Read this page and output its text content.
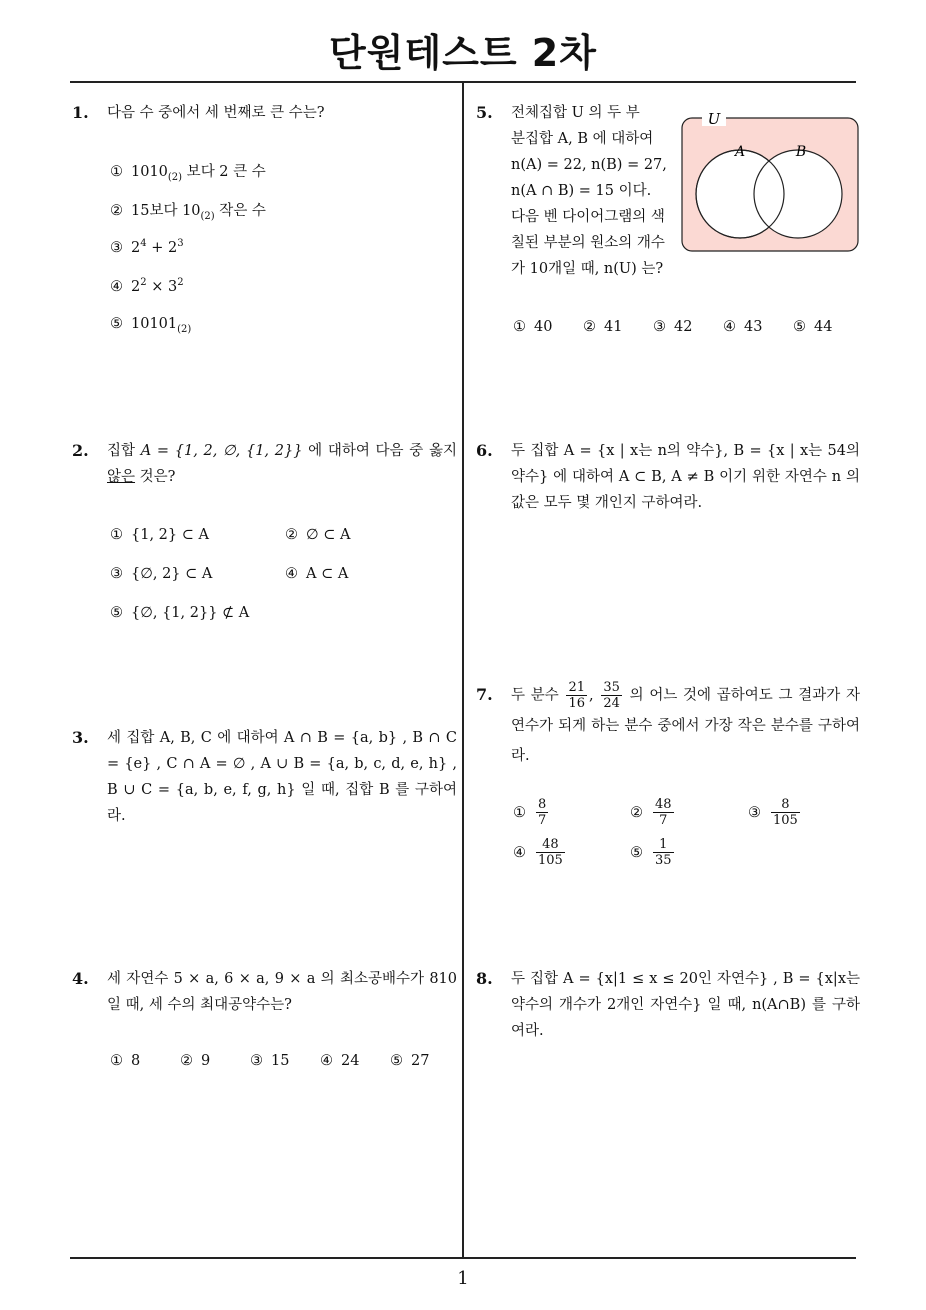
단원테스트 2차
1
1. 다음 수 중에서 세 번째로 큰 수는?
① $1010_{(2)}$ 보다 2 큰 수
② 15보다 $10_{(2)}$ 작은 수
③ $2^4 + 2^3$
④ $2^2 \times 3^2$
⑤ $10101_{(2)}$
2. 집합 A = {1, 2, ∅, {1, 2}} 에 대하여 다음 중 옳지 않은 것은?
① {1, 2} ⊂ A	② ∅ ⊂ A
③ {∅, 2} ⊂ A	④ A ⊂ A
⑤ {∅, {1, 2}} ⊄ A
3. 세 집합 A, B, C 에 대하여 A ∩ B = {a, b} , B ∩ C = {e} , C ∩ A = ∅ , A ∪ B = {a, b, c, d, e, h} , B ∪ C = {a, b, e, f, g, h} 일 때, 집합 B 를 구하여라.
4. 세 자연수 5 × a, 6 × a, 9 × a 의 최소공배수가 810 일 때, 세 수의 최대공약수는?
① 8	② 9	③ 15 ④ 24 ⑤ 27
5. 전체집합 U 의 두 부
분집합 A, B 에 대하여
n(A) = 22, n(B) = 27,
n(A ∩ B) = 15 이다.
다음 벤 다이어그램의 색
칠된 부분의 원소의 개수
가 10개일 때, n(U) 는?
U
A	B
① 40 ② 41 ③ 42 ④ 43 ⑤ 44
6. 두 집합 A = {x | x는 n의 약수}, B = {x | x는 54의 약수} 에 대하여 A ⊂ B, A ≠ B 이기 위한 자연수 n 의 값은 모두 몇 개인지 구하여라.
7. 두 분수 $\frac{21}{16}$ , $\frac{35}{24}$ 의 어느 것에 곱하여도 그 결과가 자연수가 되게 하는 분수 중에서 가장 작은 분수를 구하여라.
① $\frac{8}{7}$	② $\frac{48}{7}$	③ $\frac{8}{105}$
④ $\frac{48}{105}$	⑤ $\frac{1}{35}$
8. 두 집합 A = {x|1 ≤ x ≤ 20인 자연수} , B = {x|x는 약수의 개수가 2개인 자연수} 일 때, n(A∩B) 를 구하여라.
